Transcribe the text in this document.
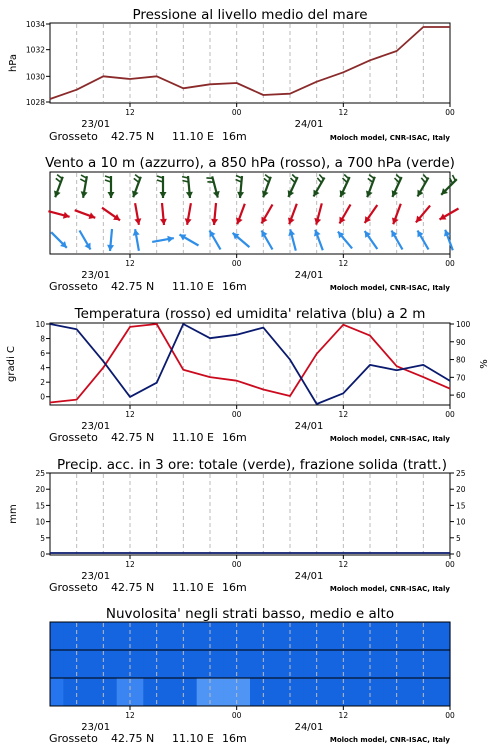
Pressione al livello medio del mare
hPa
1028
1030
1032
1034
12	00	12	00
23/01	24/01
Vento a 10 m (azzurro), a 850 hPa (rosso), a 700 hPa (verde)
12	00	12	00
23/01	24/01
Temperatura (rosso) ed umidita' relativa (blu) a 2 m
gradi C	%
0
2
4
6
8
10
60
70
80
90
100
12	00	12	00
23/01	24/01
Precip. acc. in 3 ore: totale (verde), frazione solida (tratt.)
mm
0
5
10
15
20
25
0
5
10
15
20
25
12	00	12	00
23/01	24/01
Nuvolosita' negli strati basso, medio e alto
12	00	12	00
23/01	24/01
Grosseto 42.75 N 11.10 E 16m	Moloch model, CNR-ISAC, Italy
Grosseto 42.75 N 11.10 E 16m	Moloch model, CNR-ISAC, Italy
Grosseto 42.75 N 11.10 E 16m	Moloch model, CNR-ISAC, Italy
Grosseto 42.75 N 11.10 E 16m	Moloch model, CNR-ISAC, Italy
Grosseto 42.75 N 11.10 E 16m	Moloch model, CNR-ISAC, Italy
